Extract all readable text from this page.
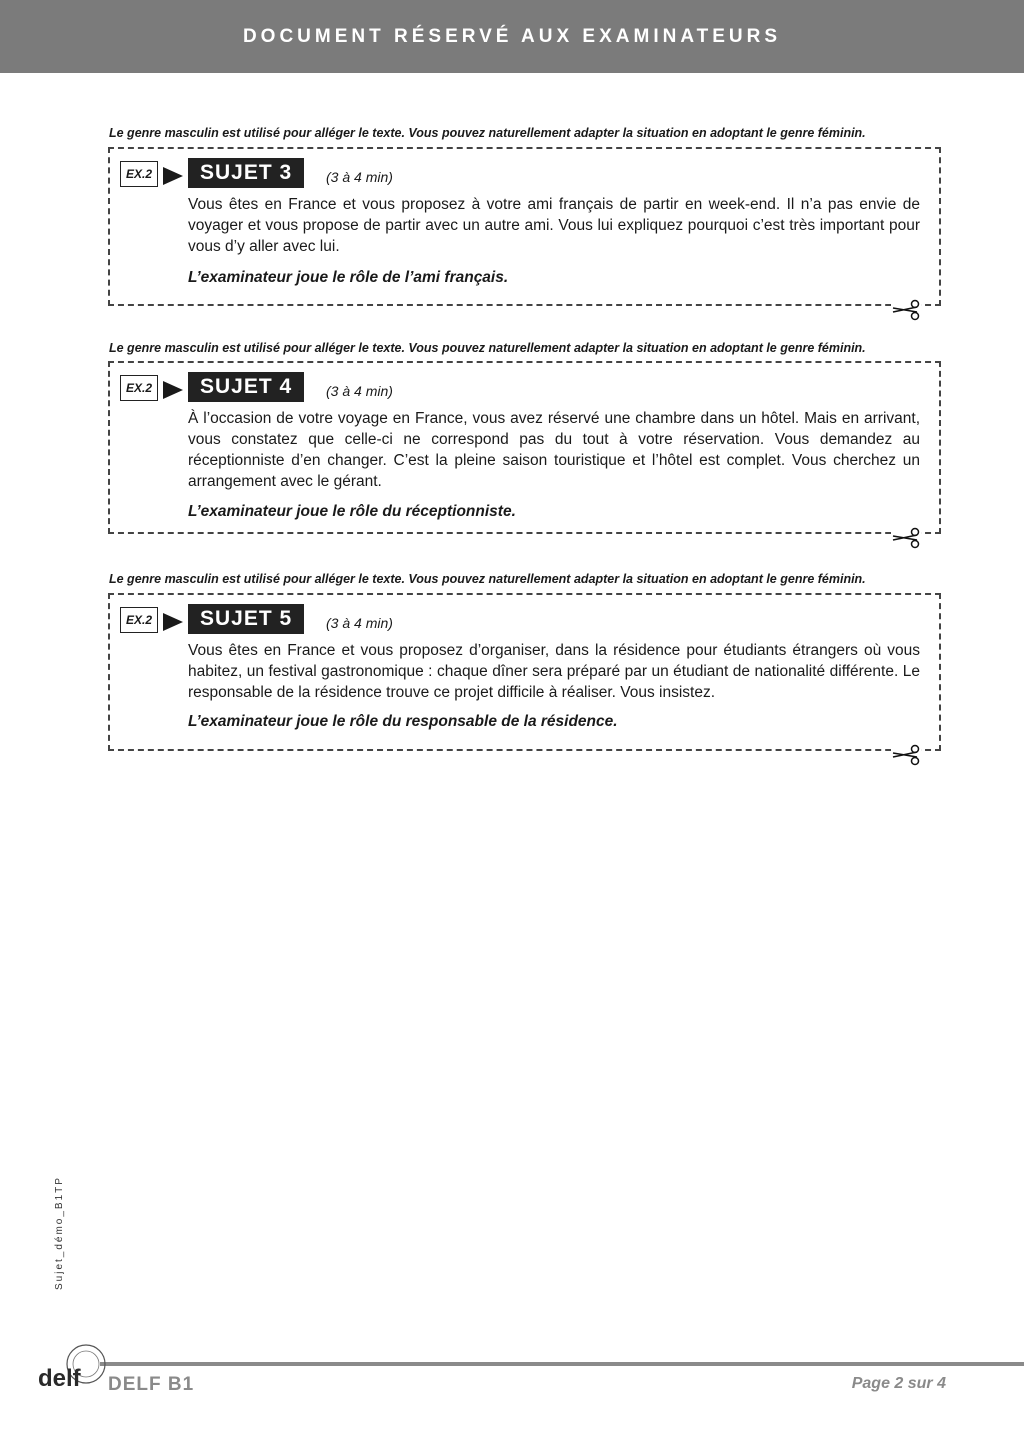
DOCUMENT RÉSERVÉ AUX EXAMINATEURS
Le genre masculin est utilisé pour alléger le texte. Vous pouvez naturellement adapter la situation en adoptant le genre féminin.
EX.2	SUJET 3	(3 à 4 min)
Vous êtes en France et vous proposez à votre ami français de partir en week-end. Il n’a pas envie de voyager et vous propose de partir avec un autre ami. Vous lui expliquez pourquoi c’est très important pour vous d’y aller avec lui.
L’examinateur joue le rôle de l’ami français.
Le genre masculin est utilisé pour alléger le texte. Vous pouvez naturellement adapter la situation en adoptant le genre féminin.
EX.2	SUJET 4	(3 à 4 min)
À l’occasion de votre voyage en France, vous avez réservé une chambre dans un hôtel. Mais en arrivant, vous constatez que celle-ci ne correspond pas du tout à votre réservation. Vous demandez au réceptionniste d’en changer. C’est la pleine saison touristique et l’hôtel est complet. Vous cherchez un arrangement avec le gérant.
L’examinateur joue le rôle du réceptionniste.
Le genre masculin est utilisé pour alléger le texte. Vous pouvez naturellement adapter la situation en adoptant le genre féminin.
EX.2	SUJET 5	(3 à 4 min)
Vous êtes en France et vous proposez d’organiser, dans la résidence pour étudiants étrangers où vous habitez, un festival gastronomique : chaque dîner sera préparé par un étudiant de nationalité différente. Le responsable de la résidence trouve ce projet difficile à réaliser. Vous insistez.
L’examinateur joue le rôle du responsable de la résidence.
Sujet_démo_B1TP
delf DELF B1	Page 2 sur 4
